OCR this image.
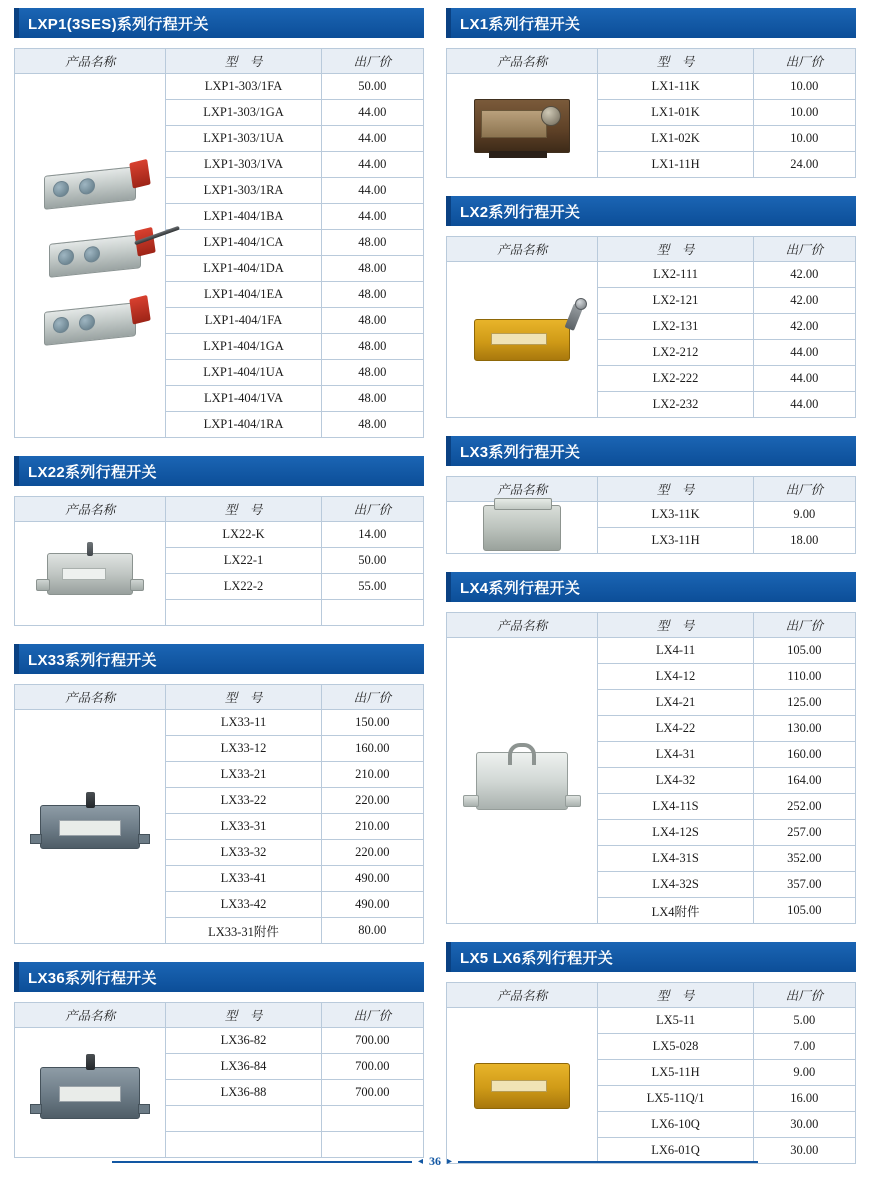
LXP1(3SES)系列行程开关
产品名称	型　号	出厂价

	LXP1-303/1FA	50.00
	LXP1-303/1GA	44.00
	LXP1-303/1UA	44.00
	LXP1-303/1VA	44.00
	LXP1-303/1RA	44.00
	LXP1-404/1BA	44.00
	LXP1-404/1CA	48.00
	LXP1-404/1DA	48.00
	LXP1-404/1EA	48.00
	LXP1-404/1FA	48.00
	LXP1-404/1GA	48.00
	LXP1-404/1UA	48.00
	LXP1-404/1VA	48.00
	LXP1-404/1RA	48.00
LX22系列行程开关
产品名称	型　号	出厂价

	LX22-K	14.00
	LX22-1	50.00
	LX22-2	55.00

LX33系列行程开关
产品名称	型　号	出厂价

	LX33-11	150.00
	LX33-12	160.00
	LX33-21	210.00
	LX33-22	220.00
	LX33-31	210.00
	LX33-32	220.00
	LX33-41	490.00
	LX33-42	490.00
	LX33-31附件	80.00
LX36系列行程开关
产品名称	型　号	出厂价

	LX36-82	700.00
	LX36-84	700.00
	LX36-88	700.00

LX1系列行程开关
产品名称	型　号	出厂价

	LX1-11K	10.00
	LX1-01K	10.00
	LX1-02K	10.00
	LX1-11H	24.00
LX2系列行程开关
产品名称	型　号	出厂价

	LX2-111	42.00
	LX2-121	42.00
	LX2-131	42.00
	LX2-212	44.00
	LX2-222	44.00
	LX2-232	44.00
LX3系列行程开关
产品名称	型　号	出厂价

	LX3-11K	9.00
	LX3-11H	18.00
LX4系列行程开关
产品名称	型　号	出厂价

	LX4-11	105.00
	LX4-12	110.00
	LX4-21	125.00
	LX4-22	130.00
	LX4-31	160.00
	LX4-32	164.00
	LX4-11S	252.00
	LX4-12S	257.00
	LX4-31S	352.00
	LX4-32S	357.00
	LX4附件	105.00
LX5 LX6系列行程开关
产品名称	型　号	出厂价

	LX5-11	5.00
	LX5-028	7.00
	LX5-11H	9.00
	LX5-11Q/1	16.00
	LX6-10Q	30.00
	LX6-01Q	30.00
◂ 36 ▸
